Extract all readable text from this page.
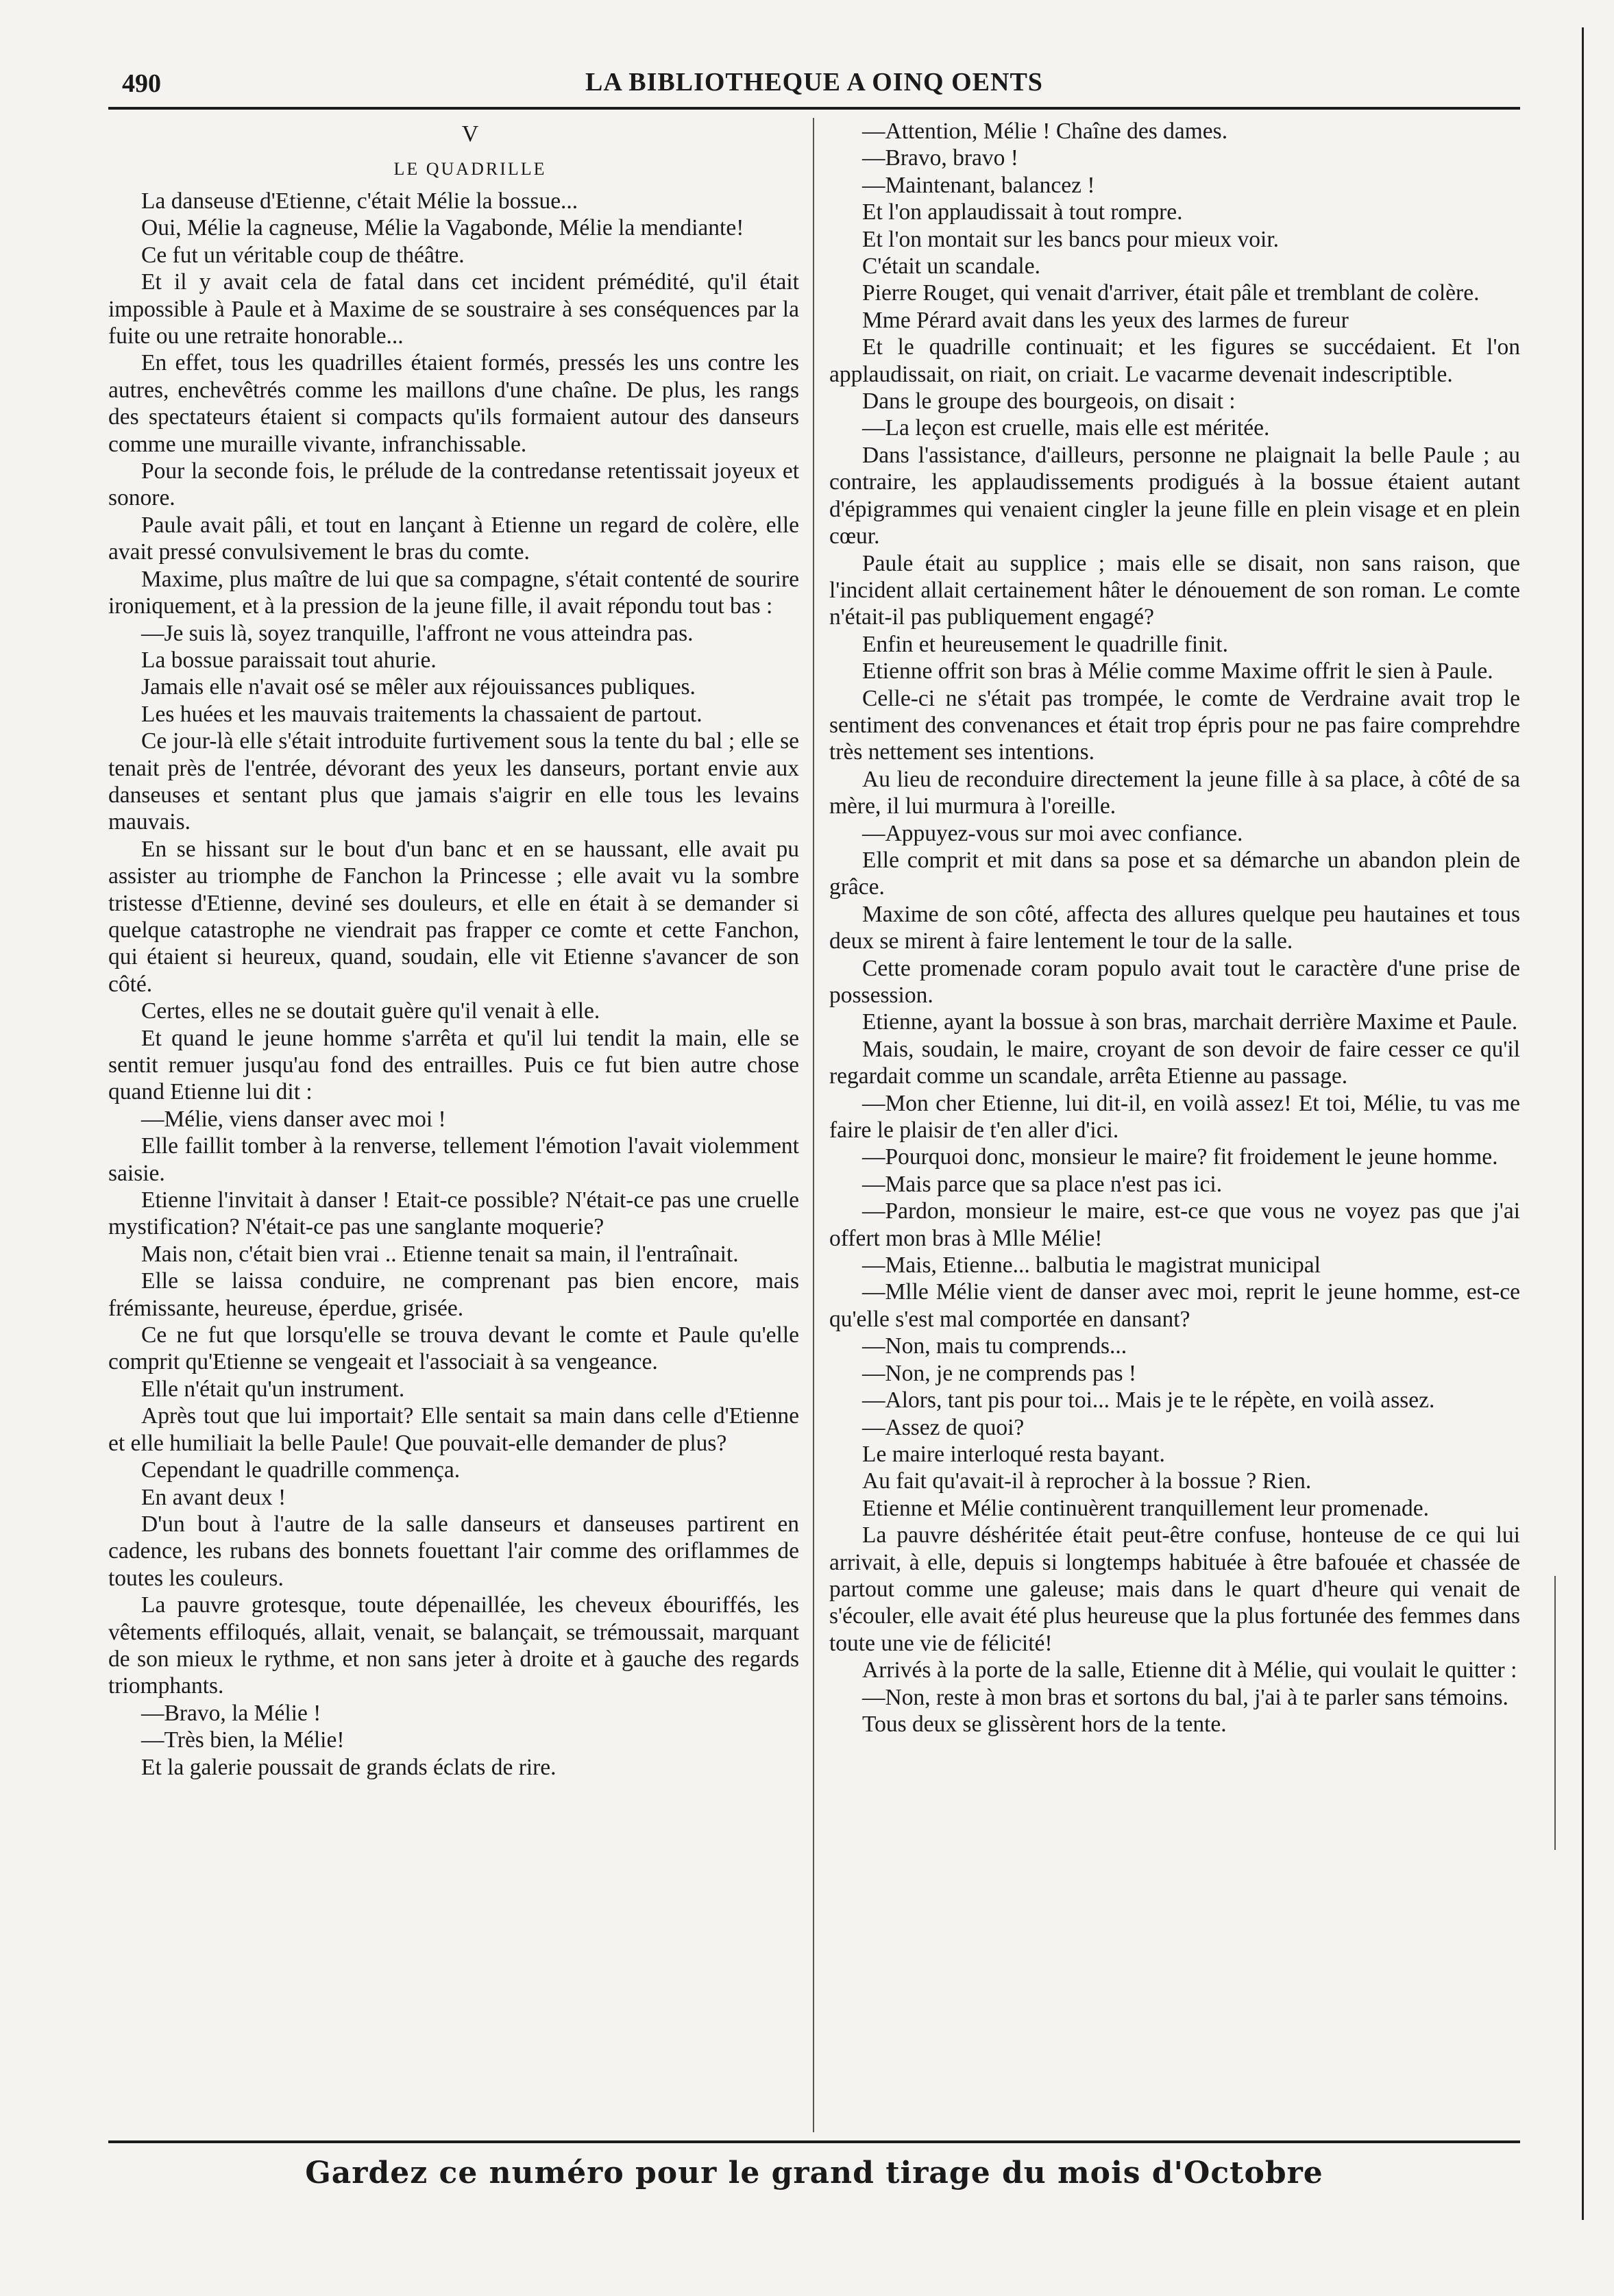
490	LA BIBLIOTHEQUE A OINQ OENTS

V

LE QUADRILLE

La danseuse d'Etienne, c'était Mélie la bossue...

Oui, Mélie la cagneuse, Mélie la Vagabonde, Mélie la mendiante!

Ce fut un véritable coup de théâtre.

Et il y avait cela de fatal dans cet incident prémédité, qu'il était impossible à Paule et à Maxime de se soustraire à ses conséquences par la fuite ou une retraite honorable...

En effet, tous les quadrilles étaient formés, pressés les uns contre les autres, enchevêtrés comme les maillons d'une chaîne. De plus, les rangs des spectateurs étaient si compacts qu'ils formaient autour des danseurs comme une muraille vivante, infranchissable.

Pour la seconde fois, le prélude de la contredanse retentissait joyeux et sonore.

Paule avait pâli, et tout en lançant à Etienne un regard de colère, elle avait pressé convulsivement le bras du comte.

Maxime, plus maître de lui que sa compagne, s'était contenté de sourire ironiquement, et à la pression de la jeune fille, il avait répondu tout bas :

—Je suis là, soyez tranquille, l'affront ne vous atteindra pas.

La bossue paraissait tout ahurie.

Jamais elle n'avait osé se mêler aux réjouissances publiques.

Les huées et les mauvais traitements la chassaient de partout.

Ce jour-là elle s'était introduite furtivement sous la tente du bal ; elle se tenait près de l'entrée, dévorant des yeux les danseurs, portant envie aux danseuses et sentant plus que jamais s'aigrir en elle tous les levains mauvais.

En se hissant sur le bout d'un banc et en se haussant, elle avait pu assister au triomphe de Fanchon la Princesse ; elle avait vu la sombre tristesse d'Etienne, deviné ses douleurs, et elle en était à se demander si quelque catastrophe ne viendrait pas frapper ce comte et cette Fanchon, qui étaient si heureux, quand, soudain, elle vit Etienne s'avancer de son côté.

Certes, elles ne se doutait guère qu'il venait à elle.

Et quand le jeune homme s'arrêta et qu'il lui tendit la main, elle se sentit remuer jusqu'au fond des entrailles. Puis ce fut bien autre chose quand Etienne lui dit :

—Mélie, viens danser avec moi !

Elle faillit tomber à la renverse, tellement l'émotion l'avait violemment saisie.

Etienne l'invitait à danser ! Etait-ce possible? N'était-ce pas une cruelle mystification? N'était-ce pas une sanglante moquerie?

Mais non, c'était bien vrai .. Etienne tenait sa main, il l'entraînait.

Elle se laissa conduire, ne comprenant pas bien encore, mais frémissante, heureuse, éperdue, grisée.

Ce ne fut que lorsqu'elle se trouva devant le comte et Paule qu'elle comprit qu'Etienne se vengeait et l'associait à sa vengeance.

Elle n'était qu'un instrument.

Après tout que lui importait? Elle sentait sa main dans celle d'Etienne et elle humiliait la belle Paule! Que pouvait-elle demander de plus?

Cependant le quadrille commença.

En avant deux !

D'un bout à l'autre de la salle danseurs et danseuses partirent en cadence, les rubans des bonnets fouettant l'air comme des oriflammes de toutes les couleurs.

La pauvre grotesque, toute dépenaillée, les cheveux ébouriffés, les vêtements effiloqués, allait, venait, se balançait, se trémoussait, marquant de son mieux le rythme, et non sans jeter à droite et à gauche des regards triomphants.

—Bravo, la Mélie !

—Très bien, la Mélie!

Et la galerie poussait de grands éclats de rire.

—Attention, Mélie ! Chaîne des dames.

—Bravo, bravo !

—Maintenant, balancez !

Et l'on applaudissait à tout rompre.

Et l'on montait sur les bancs pour mieux voir.

C'était un scandale.

Pierre Rouget, qui venait d'arriver, était pâle et tremblant de colère.

Mme Pérard avait dans les yeux des larmes de fureur

Et le quadrille continuait; et les figures se succédaient. Et l'on applaudissait, on riait, on criait. Le vacarme devenait indescriptible.

Dans le groupe des bourgeois, on disait :

—La leçon est cruelle, mais elle est méritée.

Dans l'assistance, d'ailleurs, personne ne plaignait la belle Paule ; au contraire, les applaudissements prodigués à la bossue étaient autant d'épigrammes qui venaient cingler la jeune fille en plein visage et en plein cœur.

Paule était au supplice ; mais elle se disait, non sans raison, que l'incident allait certainement hâter le dénouement de son roman. Le comte n'était-il pas publiquement engagé?

Enfin et heureusement le quadrille finit.

Etienne offrit son bras à Mélie comme Maxime offrit le sien à Paule.

Celle-ci ne s'était pas trompée, le comte de Verdraine avait trop le sentiment des convenances et était trop épris pour ne pas faire comprehdre très nettement ses intentions.

Au lieu de reconduire directement la jeune fille à sa place, à côté de sa mère, il lui murmura à l'oreille.

—Appuyez-vous sur moi avec confiance.

Elle comprit et mit dans sa pose et sa démarche un abandon plein de grâce.

Maxime de son côté, affecta des allures quelque peu hautaines et tous deux se mirent à faire lentement le tour de la salle.

Cette promenade coram populo avait tout le caractère d'une prise de possession.

Etienne, ayant la bossue à son bras, marchait derrière Maxime et Paule.

Mais, soudain, le maire, croyant de son devoir de faire cesser ce qu'il regardait comme un scandale, arrêta Etienne au passage.

—Mon cher Etienne, lui dit-il, en voilà assez! Et toi, Mélie, tu vas me faire le plaisir de t'en aller d'ici.

—Pourquoi donc, monsieur le maire? fit froidement le jeune homme.

—Mais parce que sa place n'est pas ici.

—Pardon, monsieur le maire, est-ce que vous ne voyez pas que j'ai offert mon bras à Mlle Mélie!

—Mais, Etienne... balbutia le magistrat municipal

—Mlle Mélie vient de danser avec moi, reprit le jeune homme, est-ce qu'elle s'est mal comportée en dansant?

—Non, mais tu comprends...

—Non, je ne comprends pas !

—Alors, tant pis pour toi... Mais je te le répète, en voilà assez.

—Assez de quoi?

Le maire interloqué resta bayant.

Au fait qu'avait-il à reprocher à la bossue ? Rien.

Etienne et Mélie continuèrent tranquillement leur promenade.

La pauvre déshéritée était peut-être confuse, honteuse de ce qui lui arrivait, à elle, depuis si longtemps habituée à être bafouée et chassée de partout comme une galeuse; mais dans le quart d'heure qui venait de s'écouler, elle avait été plus heureuse que la plus fortunée des femmes dans toute une vie de félicité!

Arrivés à la porte de la salle, Etienne dit à Mélie, qui voulait le quitter :

—Non, reste à mon bras et sortons du bal, j'ai à te parler sans témoins.

Tous deux se glissèrent hors de la tente.

Gardez ce numéro pour le grand tirage du mois d'Octobre
